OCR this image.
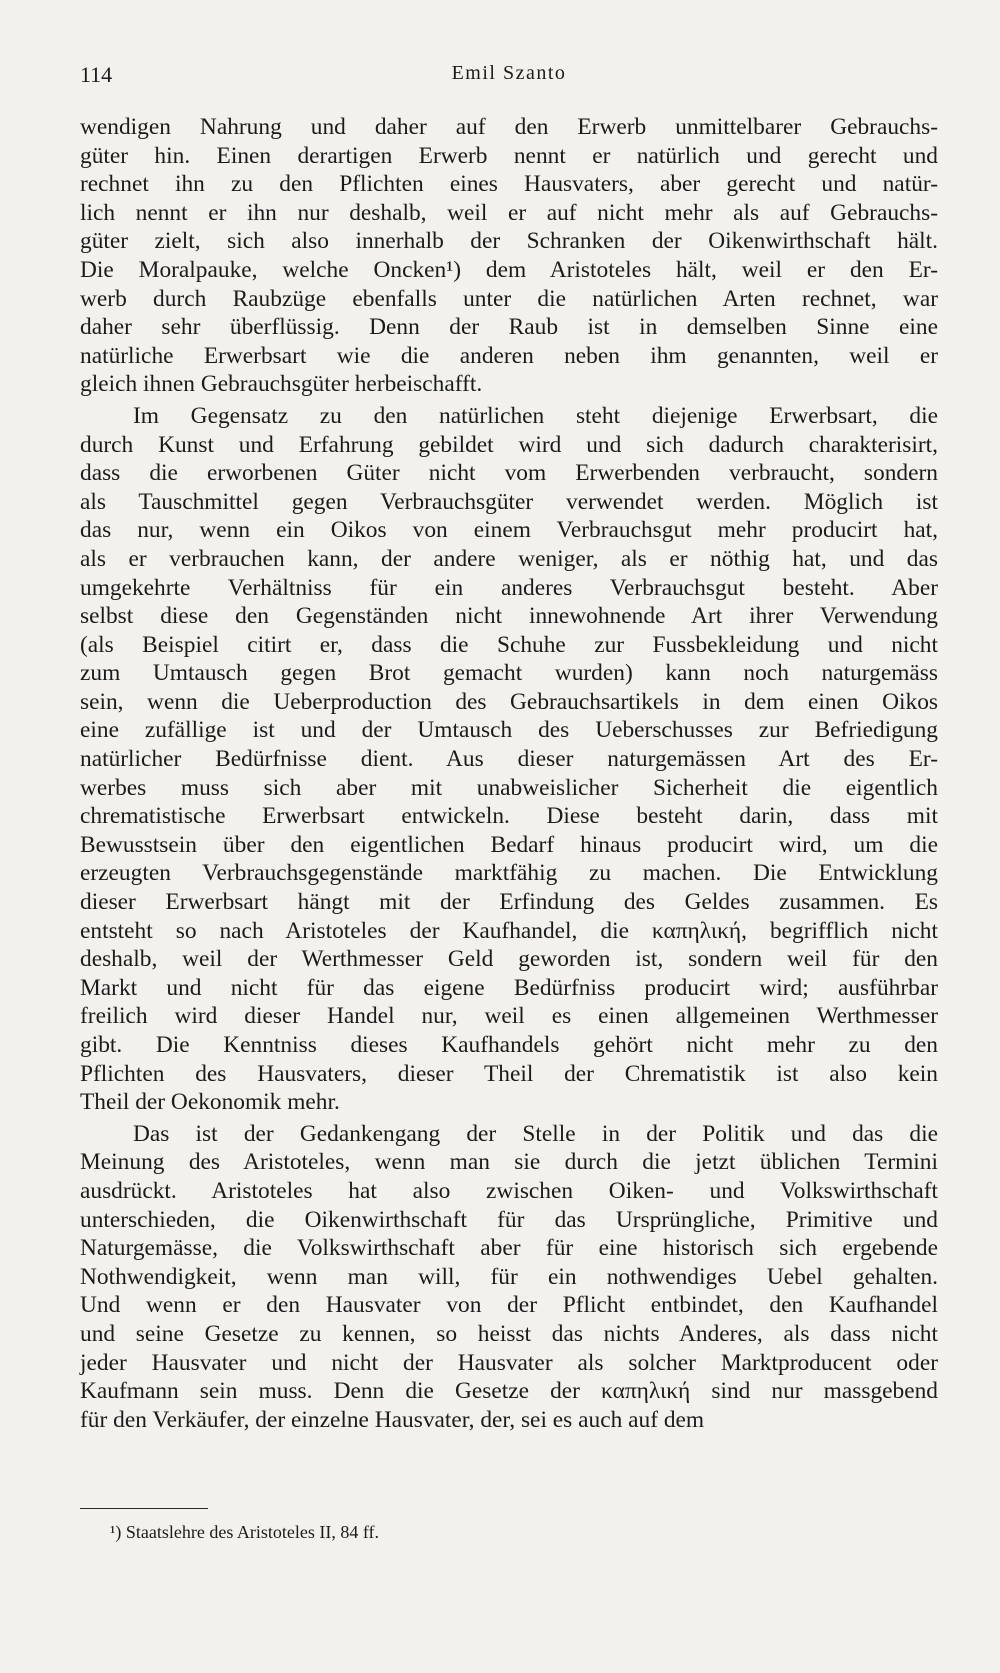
114	Emil Szanto
wendigen Nahrung und daher auf den Erwerb unmittelbarer Gebrauchs-
güter hin. Einen derartigen Erwerb nennt er natürlich und gerecht und
rechnet ihn zu den Pflichten eines Hausvaters, aber gerecht und natür-
lich nennt er ihn nur deshalb, weil er auf nicht mehr als auf Gebrauchs-
güter zielt, sich also innerhalb der Schranken der Oikenwirthschaft hält.
Die Moralpauke, welche Oncken¹) dem Aristoteles hält, weil er den Er-
werb durch Raubzüge ebenfalls unter die natürlichen Arten rechnet, war
daher sehr überflüssig. Denn der Raub ist in demselben Sinne eine
natürliche Erwerbsart wie die anderen neben ihm genannten, weil er
gleich ihnen Gebrauchsgüter herbeischafft.
Im Gegensatz zu den natürlichen steht diejenige Erwerbsart, die
durch Kunst und Erfahrung gebildet wird und sich dadurch charakterisirt,
dass die erworbenen Güter nicht vom Erwerbenden verbraucht, sondern
als Tauschmittel gegen Verbrauchsgüter verwendet werden. Möglich ist
das nur, wenn ein Oikos von einem Verbrauchsgut mehr producirt hat,
als er verbrauchen kann, der andere weniger, als er nöthig hat, und das
umgekehrte Verhältniss für ein anderes Verbrauchsgut besteht. Aber
selbst diese den Gegenständen nicht innewohnende Art ihrer Verwendung
(als Beispiel citirt er, dass die Schuhe zur Fussbekleidung und nicht
zum Umtausch gegen Brot gemacht wurden) kann noch naturgemäss
sein, wenn die Ueberproduction des Gebrauchsartikels in dem einen Oikos
eine zufällige ist und der Umtausch des Ueberschusses zur Befriedigung
natürlicher Bedürfnisse dient. Aus dieser naturgemässen Art des Er-
werbes muss sich aber mit unabweislicher Sicherheit die eigentlich
chrematistische Erwerbsart entwickeln. Diese besteht darin, dass mit
Bewusstsein über den eigentlichen Bedarf hinaus producirt wird, um die
erzeugten Verbrauchsgegenstände marktfähig zu machen. Die Entwicklung
dieser Erwerbsart hängt mit der Erfindung des Geldes zusammen. Es
entsteht so nach Aristoteles der Kaufhandel, die καπηλική, begrifflich nicht
deshalb, weil der Werthmesser Geld geworden ist, sondern weil für den
Markt und nicht für das eigene Bedürfniss producirt wird; ausführbar
freilich wird dieser Handel nur, weil es einen allgemeinen Werthmesser
gibt. Die Kenntniss dieses Kaufhandels gehört nicht mehr zu den
Pflichten des Hausvaters, dieser Theil der Chrematistik ist also kein
Theil der Oekonomik mehr.
Das ist der Gedankengang der Stelle in der Politik und das die
Meinung des Aristoteles, wenn man sie durch die jetzt üblichen Termini
ausdrückt. Aristoteles hat also zwischen Oiken- und Volkswirthschaft
unterschieden, die Oikenwirthschaft für das Ursprüngliche, Primitive und
Naturgemässe, die Volkswirthschaft aber für eine historisch sich ergebende
Nothwendigkeit, wenn man will, für ein nothwendiges Uebel gehalten.
Und wenn er den Hausvater von der Pflicht entbindet, den Kaufhandel
und seine Gesetze zu kennen, so heisst das nichts Anderes, als dass nicht
jeder Hausvater und nicht der Hausvater als solcher Marktproducent oder
Kaufmann sein muss. Denn die Gesetze der καπηλική sind nur massgebend
für den Verkäufer, der einzelne Hausvater, der, sei es auch auf dem
¹) Staatslehre des Aristoteles II, 84 ff.
